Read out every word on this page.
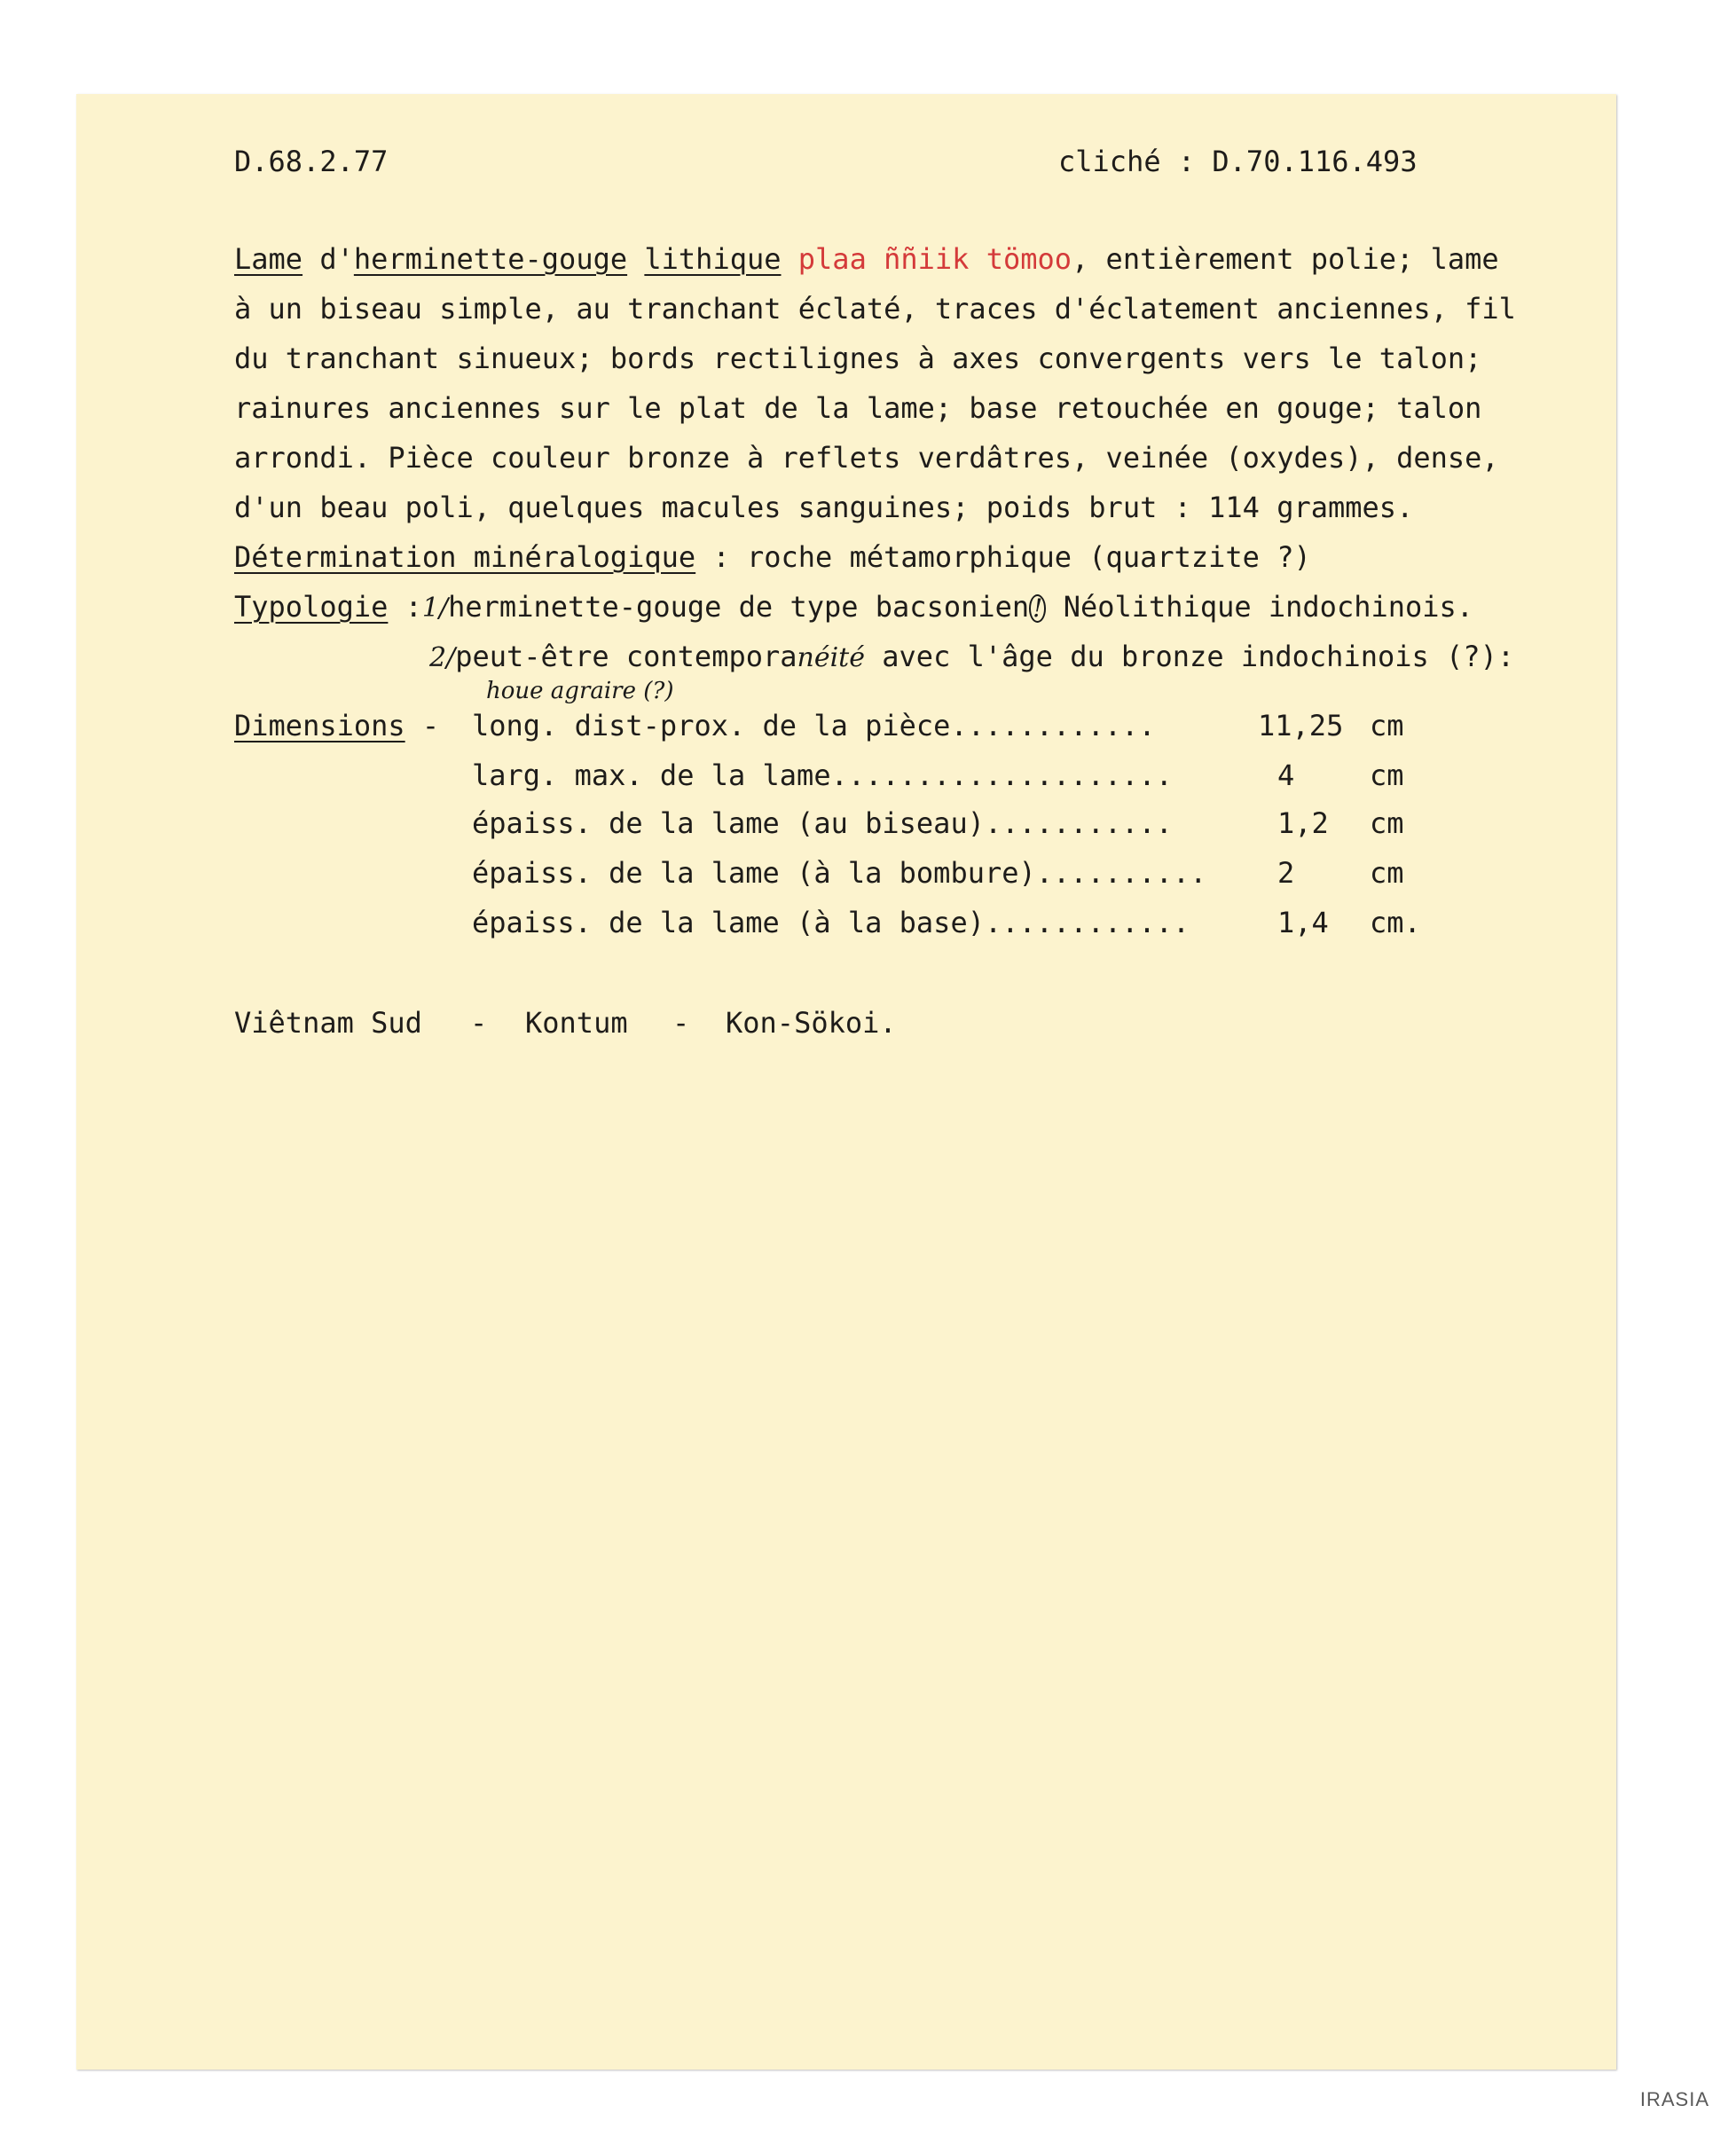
D.68.2.77	cliché : D.70.116.493
Lame d'herminette-gouge lithique plaa ññiik tömoo, entièrement polie; lame
à un biseau simple, au tranchant éclaté, traces d'éclatement anciennes, fil
du tranchant sinueux; bords rectilignes à axes convergents vers le talon;
rainures anciennes sur le plat de la lame; base retouchée en gouge; talon
arrondi. Pièce couleur bronze à reflets verdâtres, veinée (oxydes), dense,
d'un beau poli, quelques macules sanguines; poids brut : 114 grammes.
Détermination minéralogique : roche métamorphique (quartzite ?)
Typologie :1/herminette-gouge de type bacsonien ! Néolithique indochinois.
2/peut-être contemporanéité avec l'âge du bronze indochinois (?):
houe agraire (?)
Dimensions - long. dist-prox. de la pièce............	11,25 cm
larg. max. de la lame....................	4	cm
épaiss. de la lame (au biseau)...........	1,2 cm
épaiss. de la lame (à la bombure).......... 2	cm
épaiss. de la lame (à la base)............	1,4 cm.
Viêtnam Sud - Kontum - Kon-Sökoi.
IRASIA
